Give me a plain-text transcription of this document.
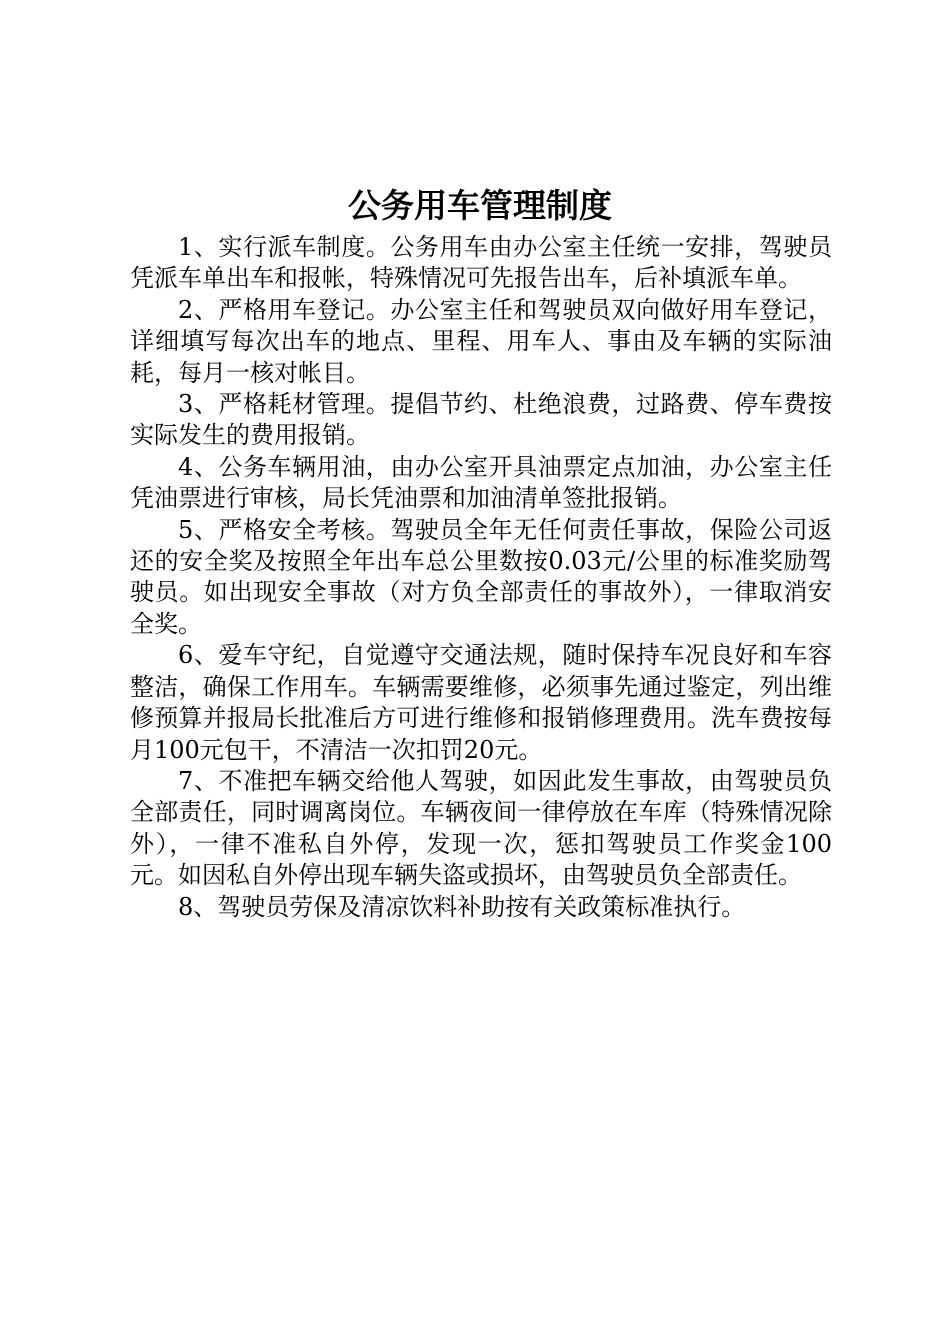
公务用车管理制度

1、实行派车制度。公务用车由办公室主任统一安排，驾驶员凭派车单出车和报帐，特殊情况可先报告出车，后补填派车单。

2、严格用车登记。办公室主任和驾驶员双向做好用车登记，详细填写每次出车的地点、里程、用车人、事由及车辆的实际油耗，每月一核对帐目。

3、严格耗材管理。提倡节约、杜绝浪费，过路费、停车费按实际发生的费用报销。

4、公务车辆用油，由办公室开具油票定点加油，办公室主任凭油票进行审核，局长凭油票和加油清单签批报销。

5、严格安全考核。驾驶员全年无任何责任事故，保险公司返还的安全奖及按照全年出车总公里数按0.03元/公里的标准奖励驾驶员。如出现安全事故（对方负全部责任的事故外），一律取消安全奖。

6、爱车守纪，自觉遵守交通法规，随时保持车况良好和车容整洁，确保工作用车。车辆需要维修，必须事先通过鉴定，列出维修预算并报局长批准后方可进行维修和报销修理费用。洗车费按每月100元包干，不清洁一次扣罚20元。

7、不准把车辆交给他人驾驶，如因此发生事故，由驾驶员负全部责任，同时调离岗位。车辆夜间一律停放在车库（特殊情况除外），一律不准私自外停，发现一次，惩扣驾驶员工作奖金100元。如因私自外停出现车辆失盗或损坏，由驾驶员负全部责任。

8、驾驶员劳保及清凉饮料补助按有关政策标准执行。
